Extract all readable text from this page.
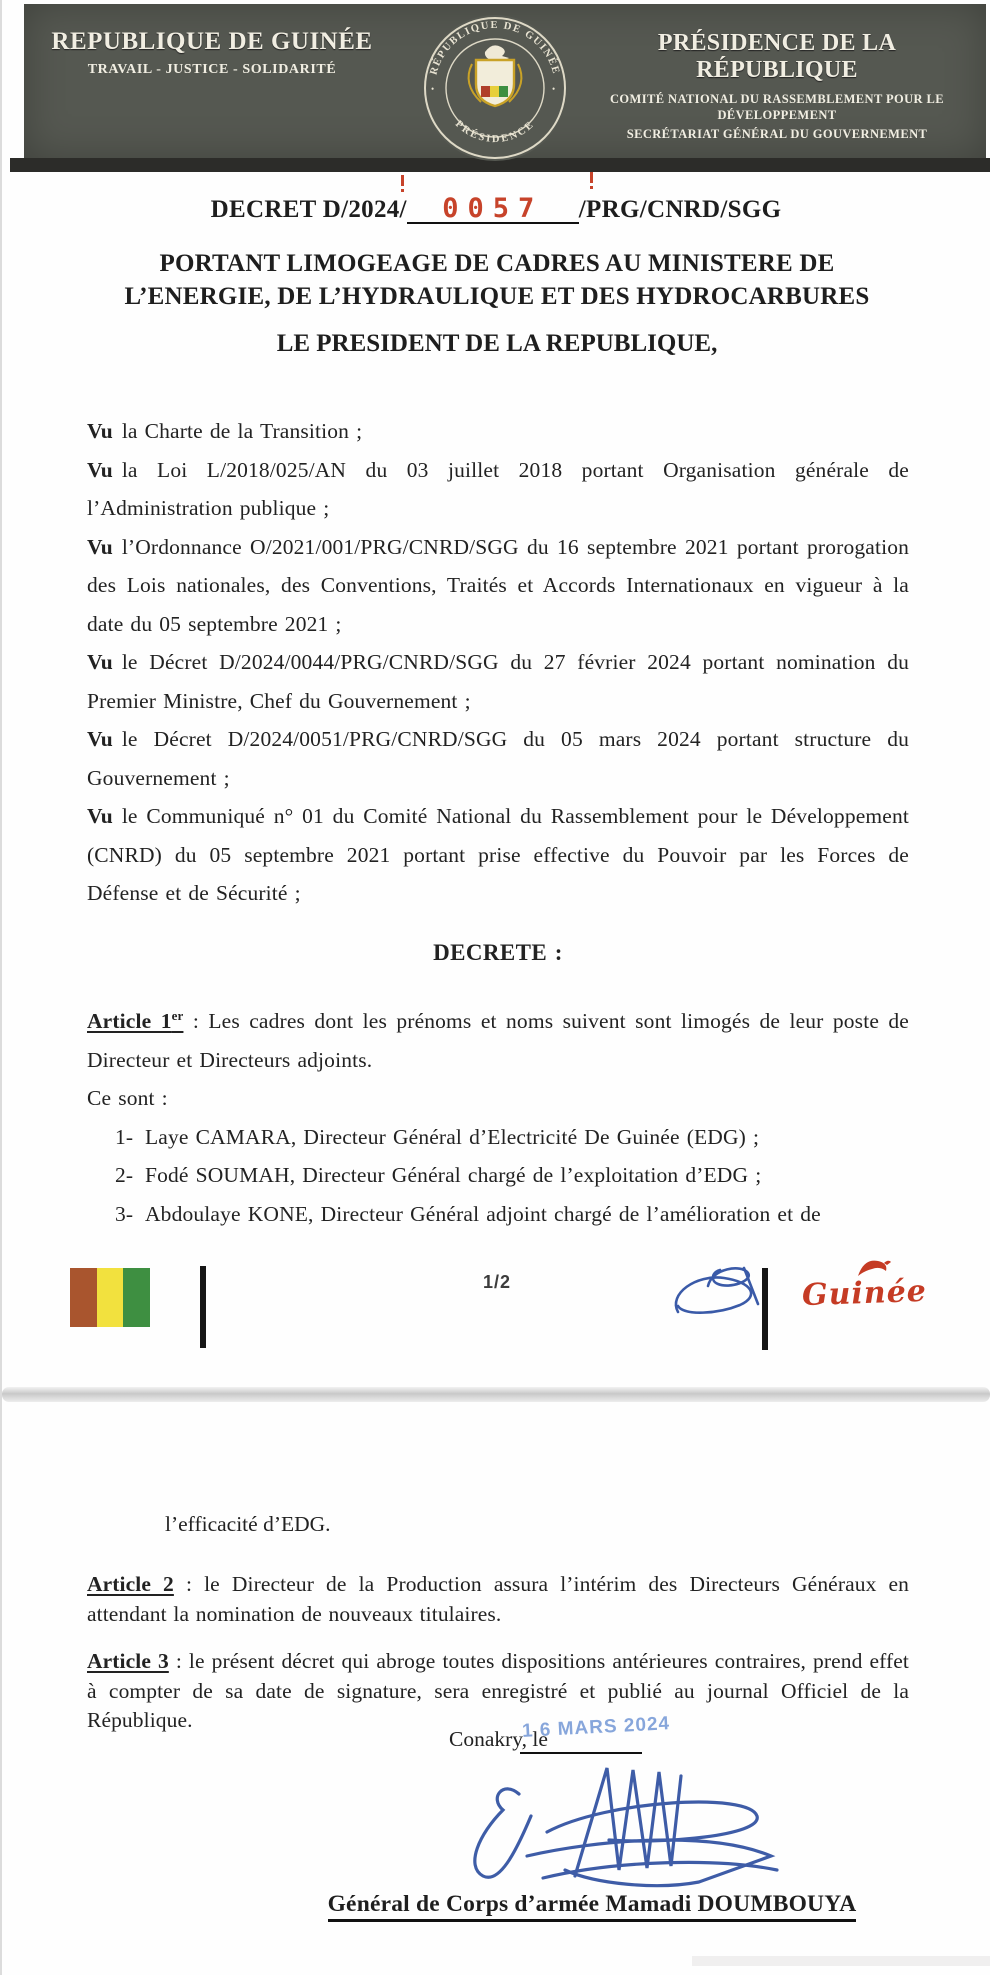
REPUBLIQUE DE GUINÉE
TRAVAIL - JUSTICE - SOLIDARITÉ
PRÉSIDENCE DE LA RÉPUBLIQUE
COMITÉ NATIONAL DU RASSEMBLEMENT POUR LE
DÉVELOPPEMENT
SECRÉTARIAT GÉNÉRAL DU GOUVERNEMENT
RÉPUBLIQUE DE GUINÉE
PRÉSIDENCE
•	•
DECRET D/2024/ 0057 /PRG/CNRD/SGG
PORTANT LIMOGEAGE DE CADRES AU MINISTERE DE
L’ENERGIE, DE L’HYDRAULIQUE ET DES HYDROCARBURES
LE PRESIDENT DE LA REPUBLIQUE,

Vu la Charte de la Transition ;

Vu la Loi L/2018/025/AN du 03 juillet 2018 portant Organisation générale de l’Administration publique ;

Vu l’Ordonnance O/2021/001/PRG/CNRD/SGG du 16 septembre 2021 portant prorogation des Lois nationales, des Conventions, Traités et Accords Internationaux en vigueur à la date du 05 septembre 2021 ;

Vu le Décret D/2024/0044/PRG/CNRD/SGG du 27 février 2024 portant nomination du Premier Ministre, Chef du Gouvernement ;

Vu le Décret D/2024/0051/PRG/CNRD/SGG du 05 mars 2024 portant structure du Gouvernement ;

Vu le Communiqué n° 01 du Comité National du Rassemblement pour le Développement (CNRD) du 05 septembre 2021 portant prise effective du Pouvoir par les Forces de Défense et de Sécurité ;

DECRETE :

Article 1er : Les cadres dont les prénoms et noms suivent sont limogés de leur poste de Directeur et Directeurs adjoints.

Ce sont :

1- Laye CAMARA, Directeur Général d’Electricité De Guinée (EDG) ;

2- Fodé SOUMAH, Directeur Général chargé de l’exploitation d’EDG ;

3- Abdoulaye KONE, Directeur Général adjoint chargé de l’amélioration et de

1/2	Guinée
l’efficacité d’EDG.
Article 2 : le Directeur de la Production assura l’intérim des Directeurs Généraux en attendant la nomination de nouveaux titulaires.
Article 3 : le présent décret qui abroge toutes dispositions antérieures contraires, prend effet à compter de sa date de signature, sera enregistré et publié au journal Officiel de la République.
Conakry, le
1 6 MARS 2024
Général de Corps d’armée Mamadi DOUMBOUYA
